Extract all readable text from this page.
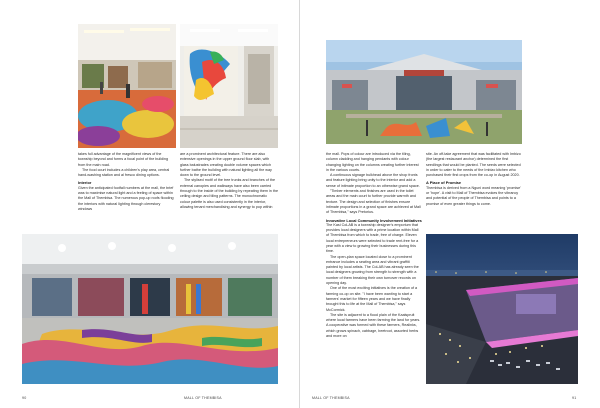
takes full advantage of the magnificent views of the township beyond and forms a focal point of the building from the main road.

The food court includes a children's play area, central hand-washing station and al fresco dining options.

Interior

Given the anticipated footfall numbers at the mall, the brief was to maximise natural light and a feeling of space within the Mall of Thembisa. The numerous pop-up roofs flooding the interiors with natural lighting through clerestory windows

are a prominent architectural feature. There are also extensive openings in the upper ground floor slab, with glass balustrades creating double volume spaces which further bathe the building with natural lighting all the way down to the ground level.

The stylised motif of the tree trunks and branches of the external canopies and walkways have also been carried through to the inside of the building by repeating them in the ceiling design and tiling patterns. The monochromatic colour palette is also used consistently in the interior, allowing tenant merchandising and synergy to pop within

90	MALL OF THEMBISA

the mall. Pops of colour are introduced via the tiling, column cladding and hanging pendants with colour changing lighting on the columns creating further interest in the various courts.

A continuous signage bulkhead above the shop fronts and feature lighting bring unity to the interior and add a sense of intimate proportion to an otherwise grand space.

"Timber elements and finishes are used in the toilet areas and the main court to further provide warmth and texture. The design and selection of finishes ensure intimate proportions in a grand space are achieved at Mall of Thembisa," says Pretorius.

Innovative Local Community Involvement Initiatives

The Kasi CoLAB is a township designer's emporium that provides local designers with a prime location within Mall of Thembisa from which to trade, free of charge. Eleven local entrepreneurs were selected to trade rent-free for a year with a view to growing their businesses during this time.

The open-plan space located close to a prominent entrance includes a seating area and vibrant graffiti painted by local artists. The CoLAB has already seen the local designers growing from strength to strength with a number of them breaking their own turnover records on opening day.

One of the most exciting initiatives is the creation of a farming co-op on site. "I have been wanting to start a farmers' market for fifteen years and we have finally brought this to life at the Mall of Thembisa," says McCormick.

The site is adjacent to a flood plain of the Kaalspruit where local farmers have been farming the land for years. A cooperative was formed with these farmers, Realinks, which grows spinach, cabbage, beetroot, assorted herbs and more on

site. An off-take agreement that was facilitated with Imbizo (the largest restaurant anchor) determined the first seedlings that would be planted. The seeds were selected in order to cater to the needs of the Imbizo kitchen who purchased their first crops from the co-op in August 2020.

A Place of Promise

Thembisa is derived from a Nguni word meaning 'promise' or 'hope'. A visit to Mall of Thembisa evokes the vibrancy and potential of the people of Thembisa and points to a promise of even greater things to come.

MALL OF THEMBISA	91
